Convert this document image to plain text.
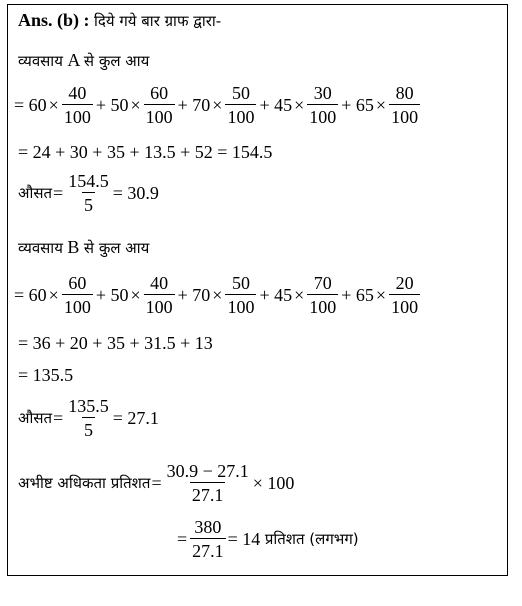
Ans. (b) : दिये गये बार ग्राफ द्वारा-
व्यवसाय A से कुल आय
= $60 \times \frac{40}{100} + 50 \times \frac{60}{100} + 70 \times \frac{50}{100} + 45 \times \frac{30}{100} + 65 \times \frac{80}{100}$
= 24 + 30 + 35 + 13.5 + 52 = 154.5
औसत = $\frac{154.5}{5} = 30.9$
व्यवसाय B से कुल आय
= $60 \times \frac{60}{100} + 50 \times \frac{40}{100} + 70 \times \frac{50}{100} + 45 \times \frac{70}{100} + 65 \times \frac{20}{100}$
= 36 + 20 + 35 + 31.5 + 13
= 135.5
औसत = $\frac{135.5}{5} = 27.1$
अभीष्ट अधिकता प्रतिशत = $\frac{30.9 - 27.1}{27.1} \times 100$
= $\frac{380}{27.1} = 14$
प्रतिशत (लगभग)
